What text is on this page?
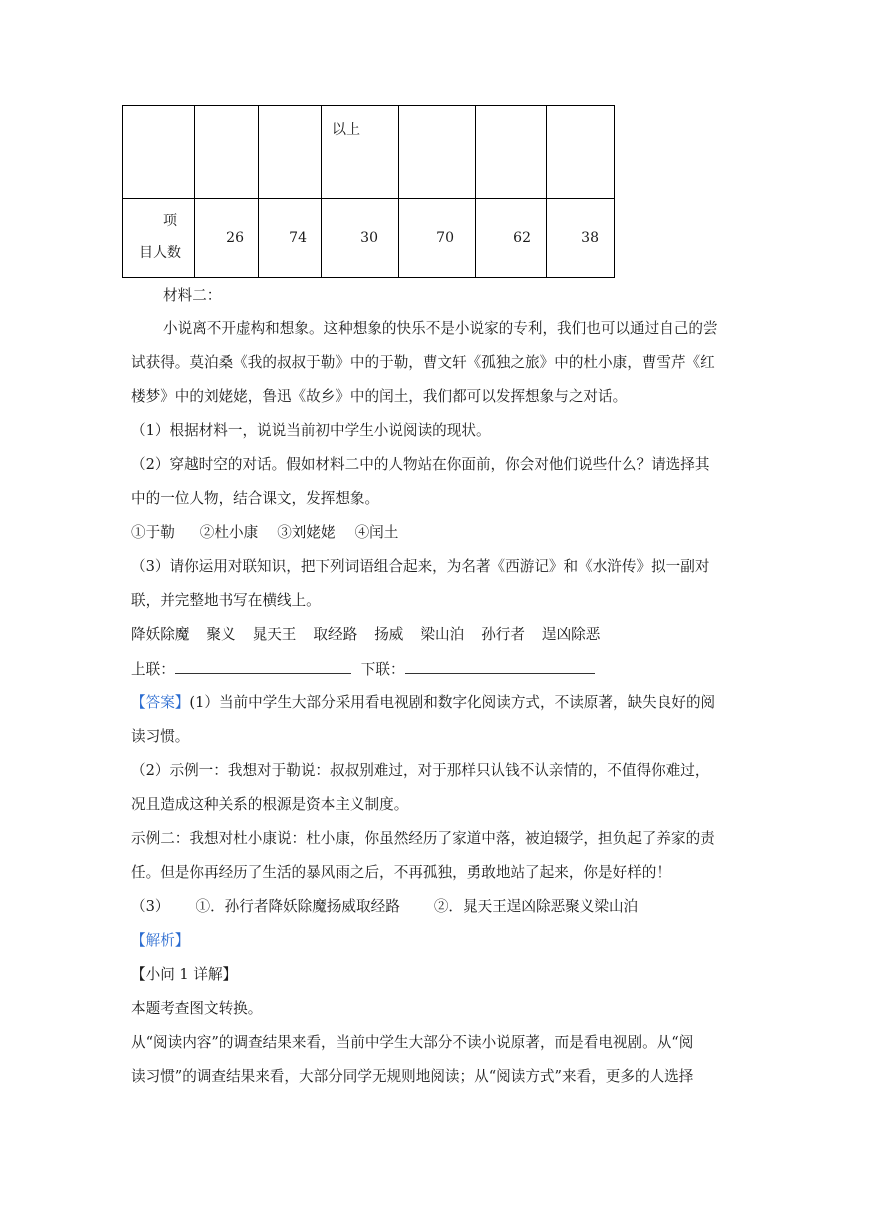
			以上			

项
目人数	26	74	30	70	62	38
材料二：
小说离不开虚构和想象。这种想象的快乐不是小说家的专利，我们也可以通过自己的尝
试获得。莫泊桑《我的叔叔于勒》中的于勒，曹文轩《孤独之旅》中的杜小康，曹雪芹《红
楼梦》中的刘姥姥，鲁迅《故乡》中的闰土，我们都可以发挥想象与之对话。
（1）根据材料一，说说当前初中学生小说阅读的现状。
（2）穿越时空的对话。假如材料二中的人物站在你面前，你会对他们说些什么？请选择其
中的一位人物，结合课文，发挥想象。
①于勒 ②杜小康 ③刘姥姥 ④闰土
（3）请你运用对联知识，把下列词语组合起来，为名著《西游记》和《水浒传》拟一副对
联，并完整地书写在横线上。
降妖除魔 聚义 晁天王 取经路 扬威 梁山泊 孙行者 逞凶除恶
上联：	下联：
【答案】(1）当前中学生大部分采用看电视剧和数字化阅读方式，不读原著，缺失良好的阅
读习惯。
（2）示例一：我想对于勒说：叔叔别难过，对于那样只认钱不认亲情的，不值得你难过，
况且造成这种关系的根源是资本主义制度。
示例二：我想对杜小康说：杜小康，你虽然经历了家道中落，被迫辍学，担负起了养家的责
任。但是你再经历了生活的暴风雨之后，不再孤独，勇敢地站了起来，你是好样的！
（3） ①．孙行者降妖除魔扬威取经路 ②．晁天王逞凶除恶聚义梁山泊
【解析】
【小问 1 详解】
本题考查图文转换。
从“阅读内容”的调查结果来看，当前中学生大部分不读小说原著，而是看电视剧。从“阅
读习惯”的调查结果来看，大部分同学无规则地阅读；从“阅读方式”来看，更多的人选择
